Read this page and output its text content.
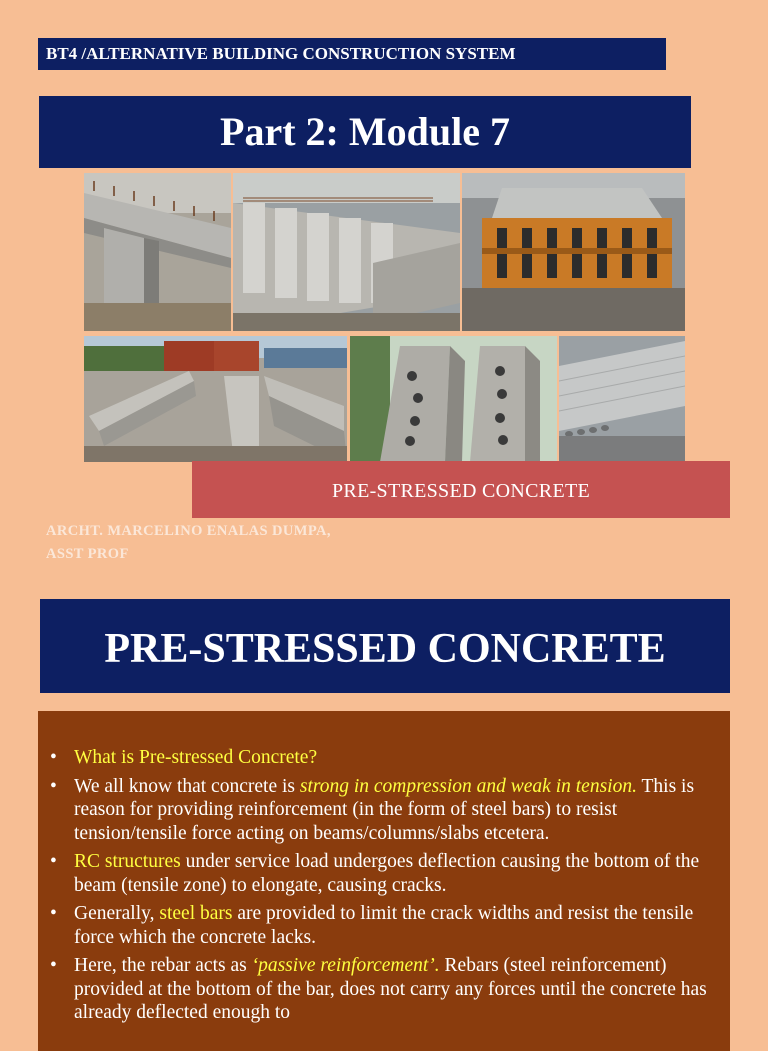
BT4 /ALTERNATIVE BUILDING CONSTRUCTION SYSTEM
Part 2: Module 7
PRE-STRESSED CONCRETE
ARCHT. MARCELINO ENALAS DUMPA,
ASST PROF
PRE-STRESSED CONCRETE
• What is Pre-stressed Concrete?
• We all know that concrete is strong in compression and weak in tension. This is reason for providing reinforcement (in the form of steel bars) to resist tension/tensile force acting on beams/columns/slabs etcetera.
• RC structures under service load undergoes deflection causing the bottom of the beam (tensile zone) to elongate, causing cracks.
• Generally, steel bars are provided to limit the crack widths and resist the tensile force which the concrete lacks.
• Here, the rebar acts as ‘passive reinforcement’. Rebars (steel reinforcement) provided at the bottom of the bar, does not carry any forces until the concrete has already deflected enough to
